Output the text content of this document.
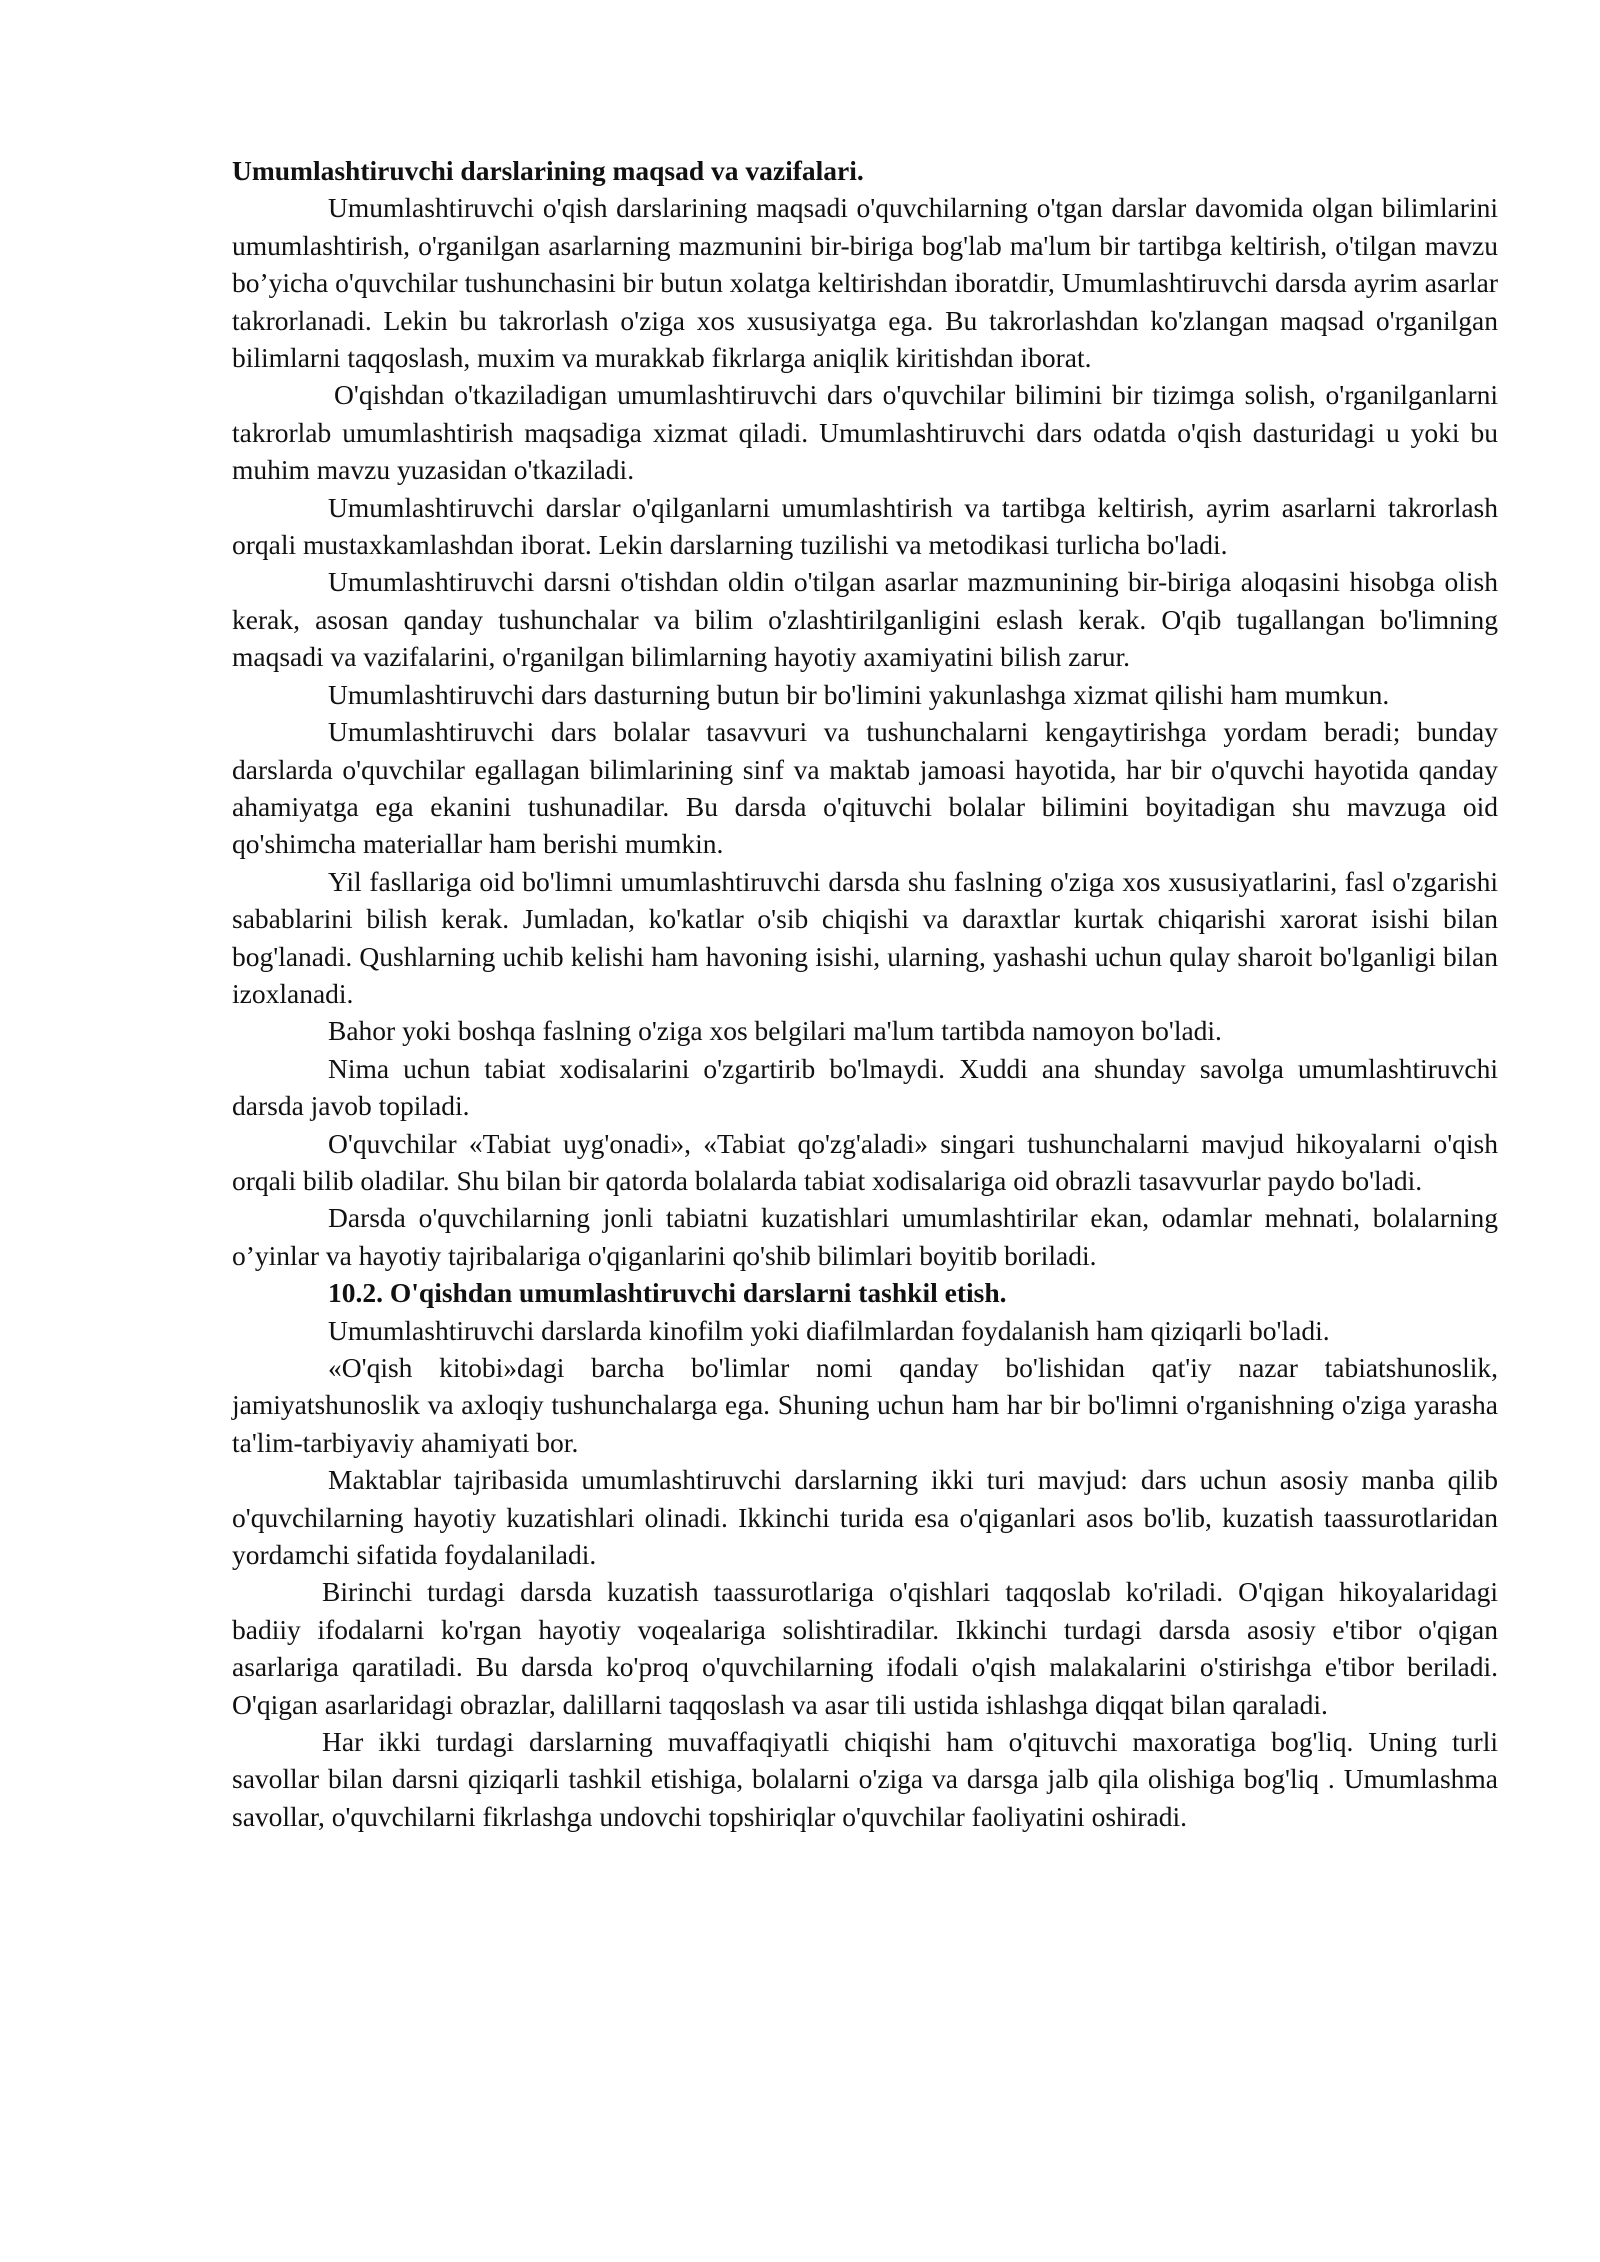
Umumlashtiruvchi darslarining maqsad va vazifalari.

Umumlashtiruvchi o'qish darslarining maqsadi o'quvchilarning o'tgan darslar davomida olgan bilimlarini umumlashtirish, o'rganilgan asarlarning mazmunini bir-biriga bog'lab ma'lum bir tartibga keltirish, o'tilgan mavzu bo’yicha o'quvchilar tushunchasini bir butun xolatga keltirishdan iboratdir, Umumlashtiruvchi darsda ayrim asarlar takrorlanadi. Lekin bu takrorlash o'ziga xos xususiyatga ega. Bu takrorlashdan ko'zlangan maqsad o'rganilgan bilimlarni taqqoslash, muxim va murakkab fikrlarga aniqlik kiritishdan iborat.

O'qishdan o'tkaziladigan umumlashtiruvchi dars o'quvchilar bilimini bir tizimga solish, o'rganilganlarni takrorlab umumlashtirish maqsadiga xizmat qiladi. Umumlashtiruvchi dars odatda o'qish dasturidagi u yoki bu muhim mavzu yuzasidan o'tkaziladi.

Umumlashtiruvchi darslar o'qilganlarni umumlashtirish va tartibga keltirish, ayrim asarlarni takrorlash orqali mustaxkamlashdan iborat. Lekin darslarning tuzilishi va metodikasi turlicha bo'ladi.

Umumlashtiruvchi darsni o'tishdan oldin o'tilgan asarlar mazmunining bir-biriga aloqasini hisobga olish kerak, asosan qanday tushunchalar va bilim o'zlashtirilganligini eslash kerak. O'qib tugallangan bo'limning maqsadi va vazifalarini, o'rganilgan bilimlarning hayotiy axamiyatini bilish zarur.

Umumlashtiruvchi dars dasturning butun bir bo'limini yakunlashga xizmat qilishi ham mumkun.

Umumlashtiruvchi dars bolalar tasavvuri va tushunchalarni kengaytirishga yordam beradi; bunday darslarda o'quvchilar egallagan bilimlarining sinf va maktab jamoasi hayotida, har bir o'quvchi hayotida qanday ahamiyatga ega ekanini tushunadilar. Bu darsda o'qituvchi bolalar bilimini boyitadigan shu mavzuga oid qo'shimcha materiallar ham berishi mumkin.

Yil fasllariga oid bo'limni umumlashtiruvchi darsda shu faslning o'ziga xos xususiyatlarini, fasl o'zgarishi sabablarini bilish kerak. Jumladan, ko'katlar o'sib chiqishi va daraxtlar kurtak chiqarishi xarorat isishi bilan bog'lanadi. Qushlarning uchib kelishi ham havoning isishi, ularning, yashashi uchun qulay sharoit bo'lganligi bilan izoxlanadi.

Bahor yoki boshqa faslning o'ziga xos belgilari ma'lum tartibda namoyon bo'ladi.

Nima uchun tabiat xodisalarini o'zgartirib bo'lmaydi. Xuddi ana shunday savolga umumlashtiruvchi darsda javob topiladi.

O'quvchilar «Tabiat uyg'onadi», «Tabiat qo'zg'aladi» singari tushunchalarni mavjud hikoyalarni o'qish orqali bilib oladilar. Shu bilan bir qatorda bolalarda tabiat xodisalariga oid obrazli tasavvurlar paydo bo'ladi.

Darsda o'quvchilarning jonli tabiatni kuzatishlari umumlashtirilar ekan, odamlar mehnati, bolalarning o’yinlar va hayotiy tajribalariga o'qiganlarini qo'shib bilimlari boyitib boriladi.

10.2. O'qishdan umumlashtiruvchi darslarni tashkil etish.

Umumlashtiruvchi darslarda kinofilm yoki diafilmlardan foydalanish ham qiziqarli bo'ladi.

«O'qish kitobi»dagi barcha bo'limlar nomi qanday bo'lishidan qat'iy nazar tabiatshunoslik, jamiyatshunoslik va axloqiy tushunchalarga ega. Shuning uchun ham har bir bo'limni o'rganishning o'ziga yarasha ta'lim-tarbiyaviy ahamiyati bor.

Maktablar tajribasida umumlashtiruvchi darslarning ikki turi mavjud: dars uchun asosiy manba qilib o'quvchilarning hayotiy kuzatishlari olinadi. Ikkinchi turida esa o'qiganlari asos bo'lib, kuzatish taassurotlaridan yordamchi sifatida foydalaniladi.

Birinchi turdagi darsda kuzatish taassurotlariga o'qishlari taqqoslab ko'riladi. O'qigan hikoyalaridagi badiiy ifodalarni ko'rgan hayotiy voqealariga solishtiradilar. Ikkinchi turdagi darsda asosiy e'tibor o'qigan asarlariga qaratiladi. Bu darsda ko'proq o'quvchilarning ifodali o'qish malakalarini o'stirishga e'tibor beriladi. O'qigan asarlaridagi obrazlar, dalillarni taqqoslash va asar tili ustida ishlashga diqqat bilan qaraladi.

Har ikki turdagi darslarning muvaffaqiyatli chiqishi ham o'qituvchi maxoratiga bog'liq. Uning turli savollar bilan darsni qiziqarli tashkil etishiga, bolalarni o'ziga va darsga jalb qila olishiga bog'liq . Umumlashma savollar, o'quvchilarni fikrlashga undovchi topshiriqlar o'quvchilar faoliyatini oshiradi.
